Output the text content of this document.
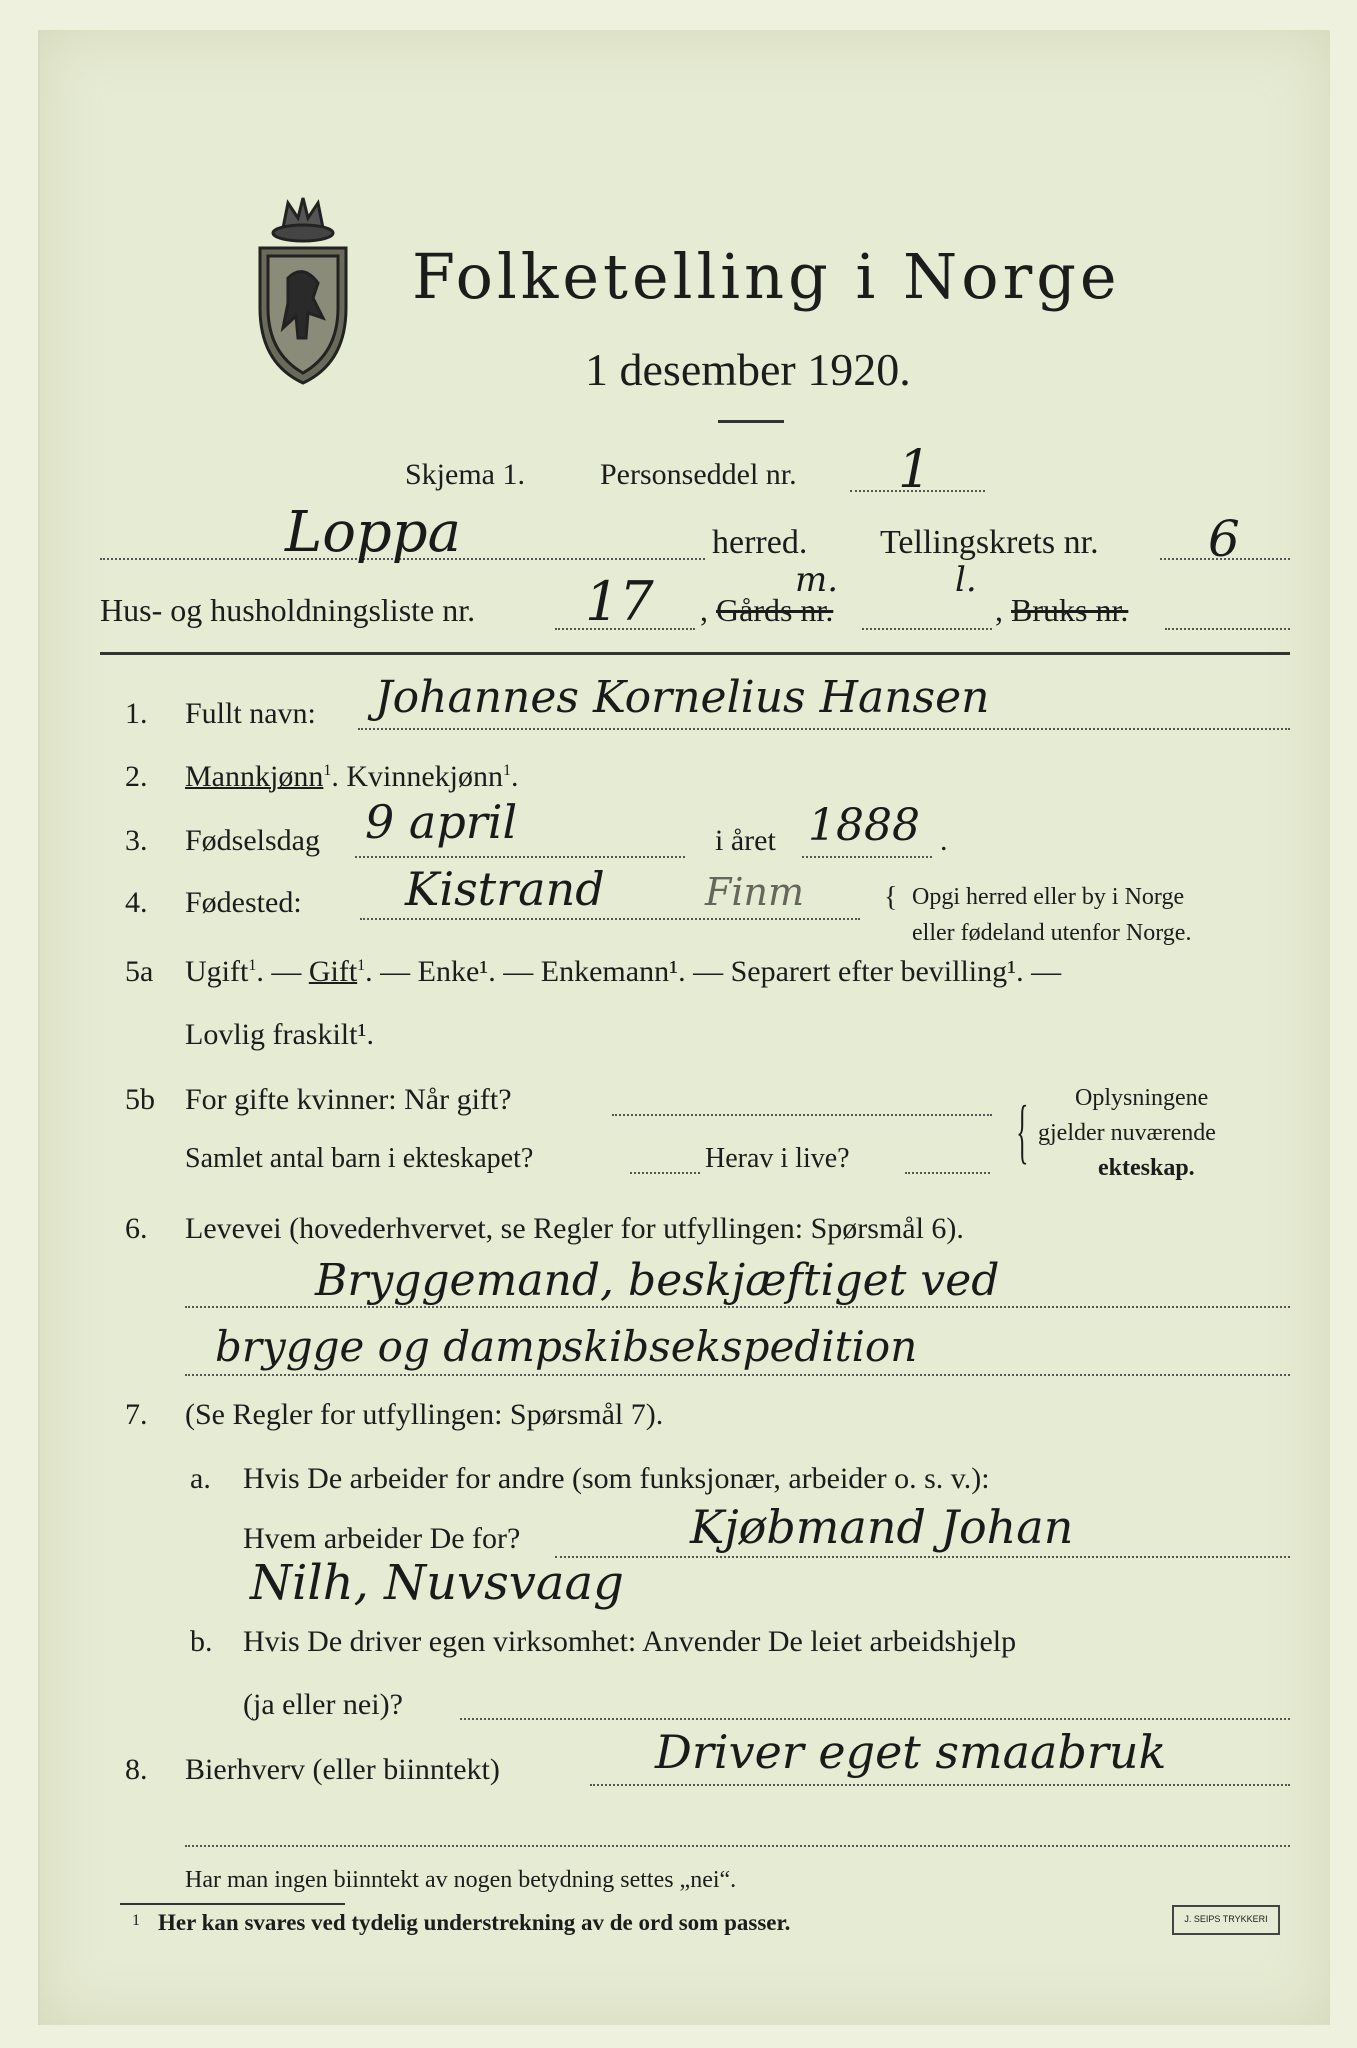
Folketelling i Norge
1 desember 1920.
Skjema 1.	Personseddel nr. 1
Loppa	herred. Tellingskrets nr. 6
Hus- og husholdningsliste nr. 17 , Gårds nr.
m.	l.
, Bruks nr.
1. Fullt navn: Johannes Kornelius Hansen
2. Mannkjønn$^1$. Kvinnekjønn$^1$.
3. Fødselsdag 9 april	i året 1888 .
4. Fødested: Kistrand	Finm	{ Opgi herred eller by i Norge
eller fødeland utenfor Norge.
5a Ugift$^1$. — Gift$^1$. — Enke¹. — Enkemann¹. — Separert efter bevilling¹. —
Lovlig fraskilt¹.
5b For gifte kvinner: Når gift?
Samlet antal barn i ekteskapet?	Herav i live? { Oplysningene
gjelder nuværende
ekteskap.
6. Levevei (hovederhvervet, se Regler for utfyllingen: Spørsmål 6).
Bryggemand, beskjæftiget ved
brygge og dampskibsekspedition
7. (Se Regler for utfyllingen: Spørsmål 7).
a. Hvis De arbeider for andre (som funksjonær, arbeider o. s. v.):
Hvem arbeider De for?	Kjøbmand Johan
Nilh, Nuvsvaag
b. Hvis De driver egen virksomhet: Anvender De leiet arbeidshjelp
(ja eller nei)?
8. Bierhverv (eller biinntekt)	Driver eget smaabruk
Har man ingen biinntekt av nogen betydning settes „nei“.
1 Her kan svares ved tydelig understrekning av de ord som passer.	J. SEIPS TRYKKERI
